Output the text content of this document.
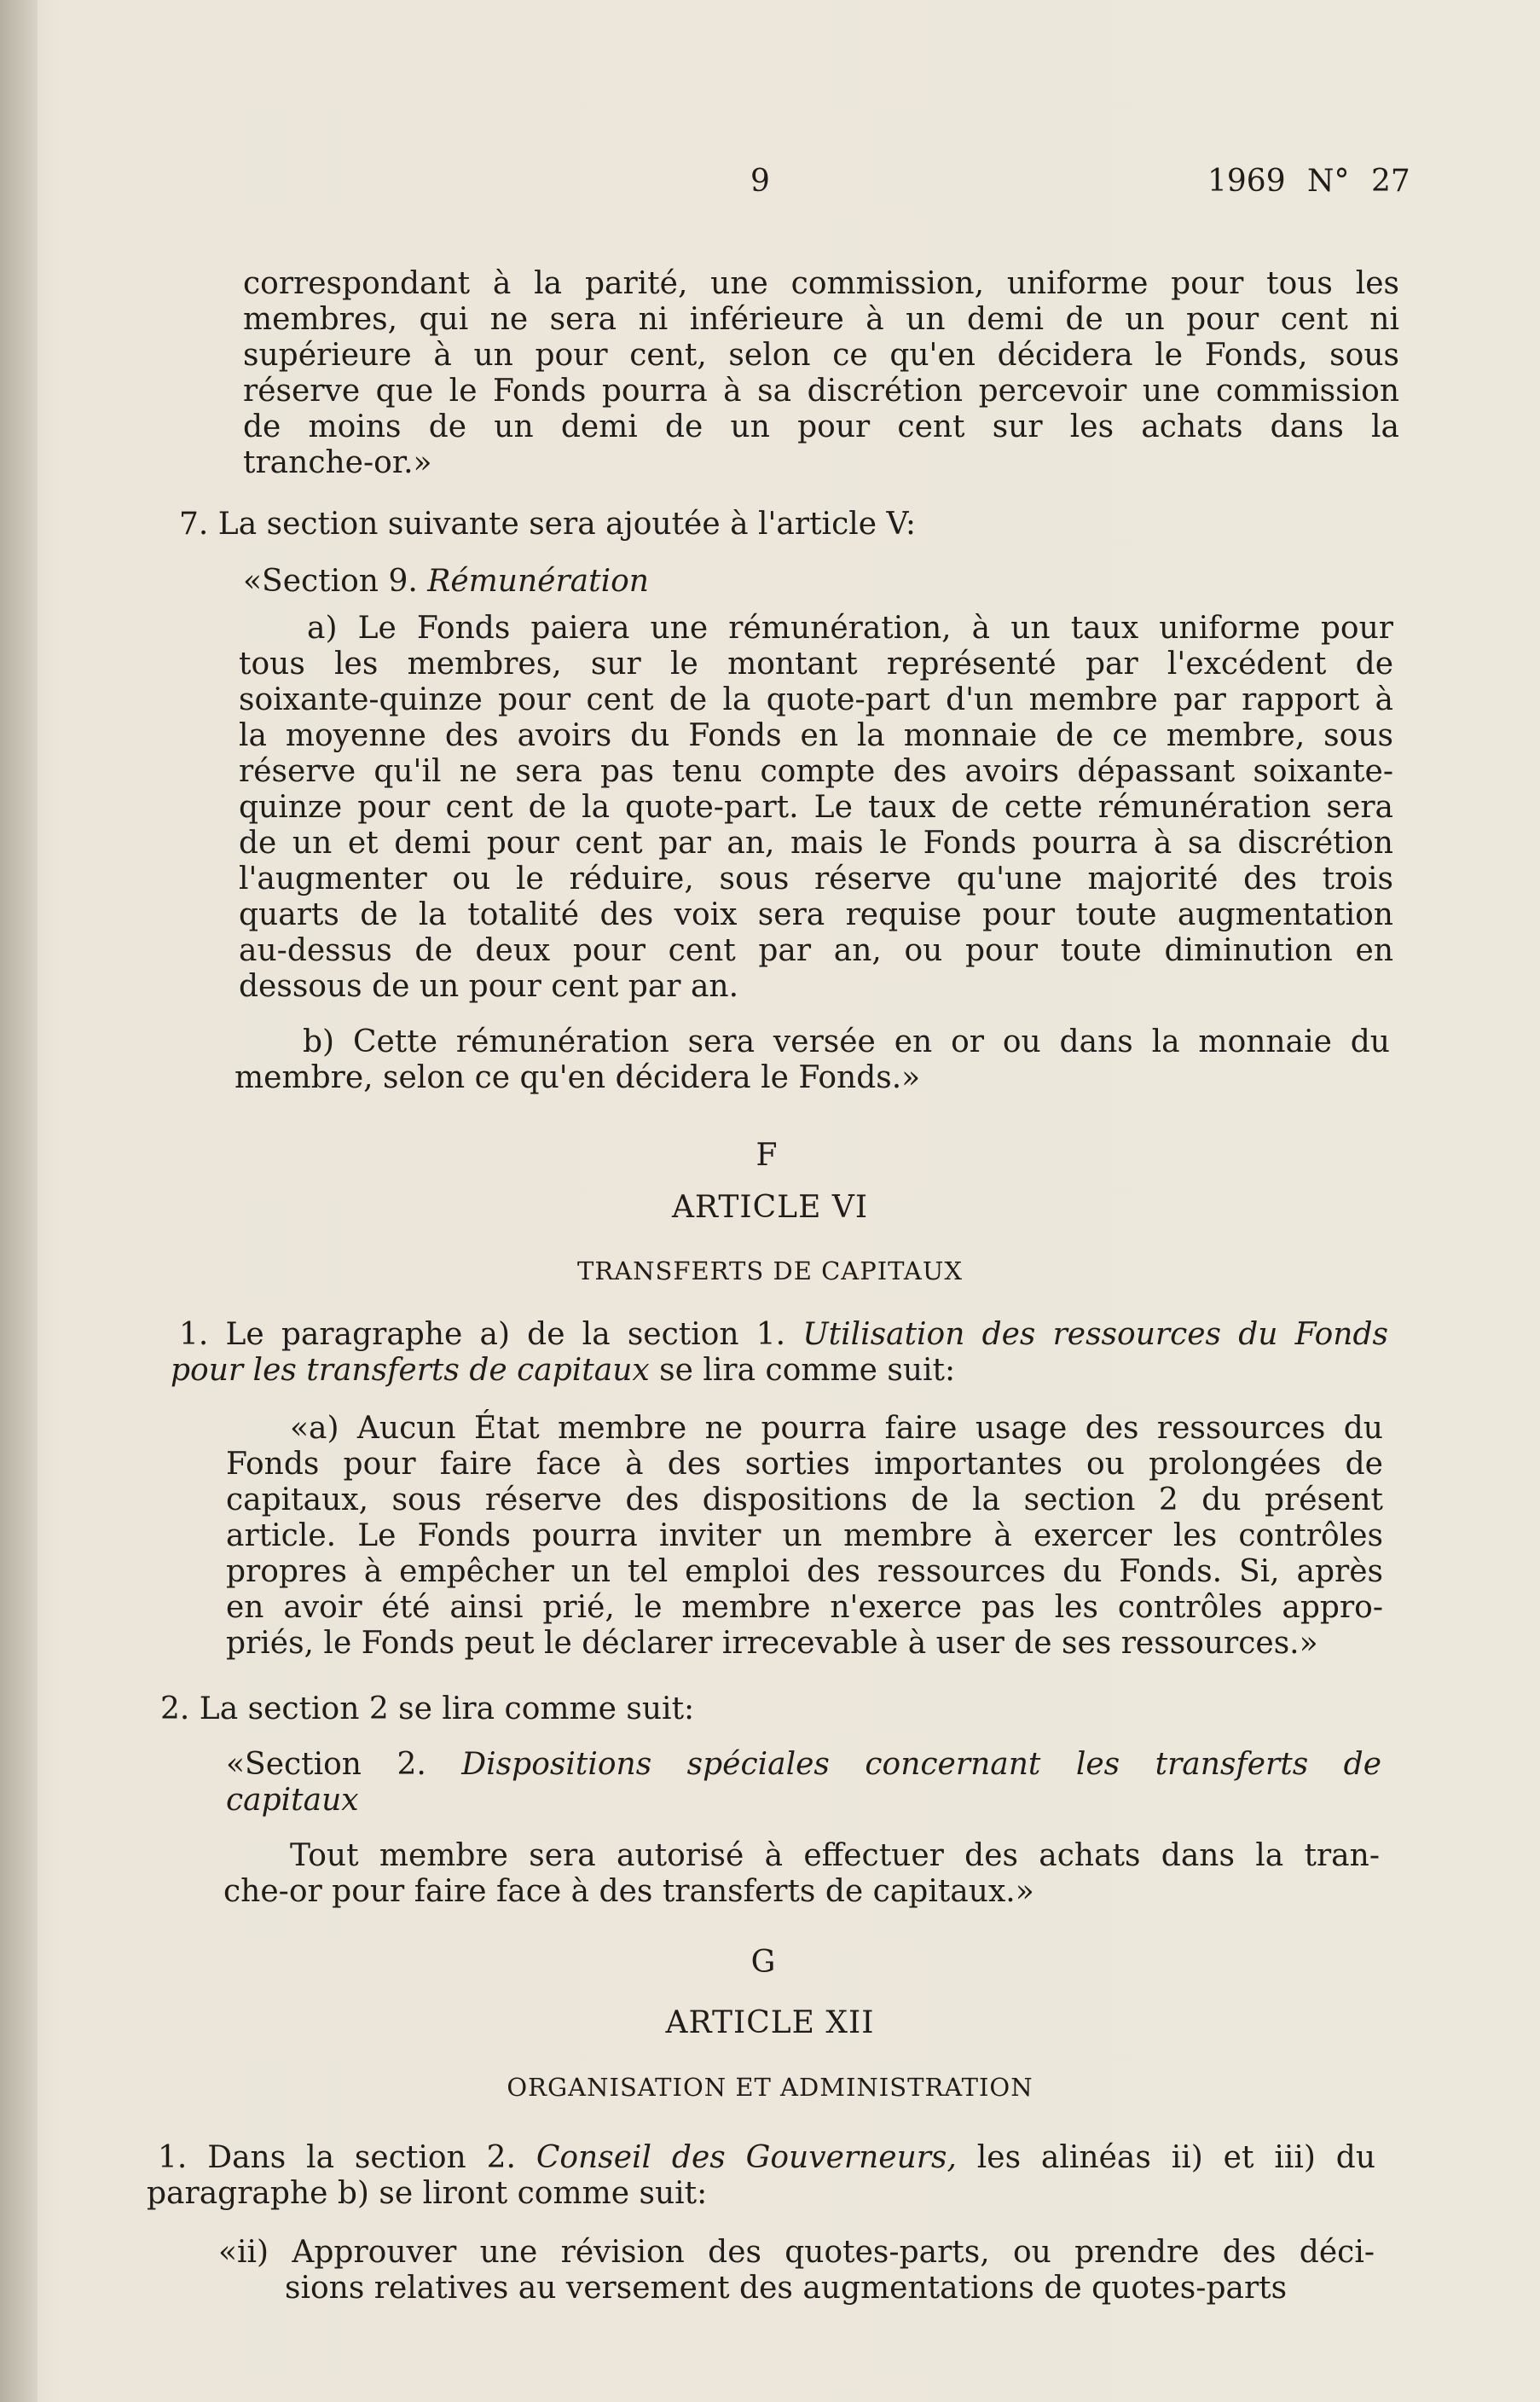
9	1969 N° 27
correspondant à la parité, une commission, uniforme pour tous les
membres, qui ne sera ni inférieure à un demi de un pour cent ni
supérieure à un pour cent, selon ce qu'en décidera le Fonds, sous
réserve que le Fonds pourra à sa discrétion percevoir une commission
de moins de un demi de un pour cent sur les achats dans la
tranche-or.»
7. La section suivante sera ajoutée à l'article V:
«Section 9. Rémunération
a) Le Fonds paiera une rémunération, à un taux uniforme pour
tous les membres, sur le montant représenté par l'excédent de
soixante-quinze pour cent de la quote-part d'un membre par rapport à
la moyenne des avoirs du Fonds en la monnaie de ce membre, sous
réserve qu'il ne sera pas tenu compte des avoirs dépassant soixante-
quinze pour cent de la quote-part. Le taux de cette rémunération sera
de un et demi pour cent par an, mais le Fonds pourra à sa discrétion
l'augmenter ou le réduire, sous réserve qu'une majorité des trois
quarts de la totalité des voix sera requise pour toute augmentation
au-dessus de deux pour cent par an, ou pour toute diminution en
dessous de un pour cent par an.
b) Cette rémunération sera versée en or ou dans la monnaie du
membre, selon ce qu'en décidera le Fonds.»
F
ARTICLE VI
TRANSFERTS DE CAPITAUX
1. Le paragraphe a) de la section 1. Utilisation des ressources du Fonds
pour les transferts de capitaux se lira comme suit:
«a) Aucun État membre ne pourra faire usage des ressources du
Fonds pour faire face à des sorties importantes ou prolongées de
capitaux, sous réserve des dispositions de la section 2 du présent
article. Le Fonds pourra inviter un membre à exercer les contrôles
propres à empêcher un tel emploi des ressources du Fonds. Si, après
en avoir été ainsi prié, le membre n'exerce pas les contrôles appro-
priés, le Fonds peut le déclarer irrecevable à user de ses ressources.»
2. La section 2 se lira comme suit:
«Section 2. Dispositions spéciales concernant les transferts de
capitaux
Tout membre sera autorisé à effectuer des achats dans la tran-
che-or pour faire face à des transferts de capitaux.»
G
ARTICLE XII
ORGANISATION ET ADMINISTRATION
1. Dans la section 2. Conseil des Gouverneurs, les alinéas ii) et iii) du
paragraphe b) se liront comme suit:
«ii) Approuver une révision des quotes-parts, ou prendre des déci-
sions relatives au versement des augmentations de quotes-parts
